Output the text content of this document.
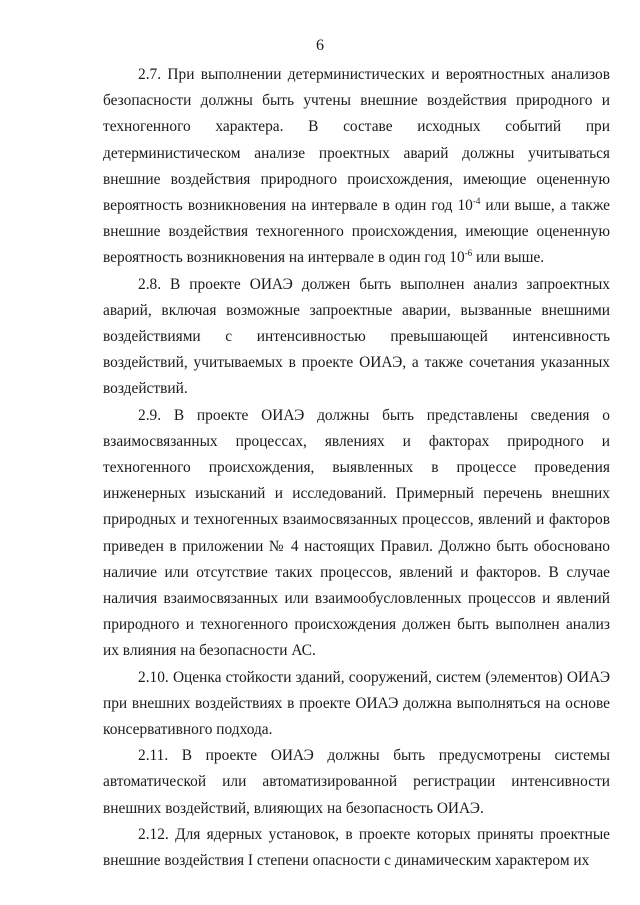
6

2.7. При выполнении детерминистических и вероятностных анализов безопасности должны быть учтены внешние воздействия природного и техногенного характера. В составе исходных событий при детерминистическом анализе проектных аварий должны учитываться внешние воздействия природного происхождения, имеющие оцененную вероятность возникновения на интервале в один год $10^{-4}$ или выше, а также внешние воздействия техногенного происхождения, имеющие оцененную вероятность возникновения на интервале в один год $10^{-6}$ или выше.

2.8. В проекте ОИАЭ должен быть выполнен анализ запроектных аварий, включая возможные запроектные аварии, вызванные внешними воздействиями с интенсивностью превышающей интенсивность воздействий, учитываемых в проекте ОИАЭ, а также сочетания указанных воздействий.

2.9. В проекте ОИАЭ должны быть представлены сведения о взаимосвязанных процессах, явлениях и факторах природного и техногенного происхождения, выявленных в процессе проведения инженерных изысканий и исследований. Примерный перечень внешних природных и техногенных взаимосвязанных процессов, явлений и факторов приведен в приложении № 4 настоящих Правил. Должно быть обосновано наличие или отсутствие таких процессов, явлений и факторов. В случае наличия взаимосвязанных или взаимообусловленных процессов и явлений природного и техногенного происхождения должен быть выполнен анализ их влияния на безопасности АС.

2.10. Оценка стойкости зданий, сооружений, систем (элементов) ОИАЭ при внешних воздействиях в проекте ОИАЭ должна выполняться на основе консервативного подхода.

2.11. В проекте ОИАЭ должны быть предусмотрены системы автоматической или автоматизированной регистрации интенсивности внешних воздействий, влияющих на безопасность ОИАЭ.

2.12. Для ядерных установок, в проекте которых приняты проектные внешние воздействия I степени опасности с динамическим характером их
